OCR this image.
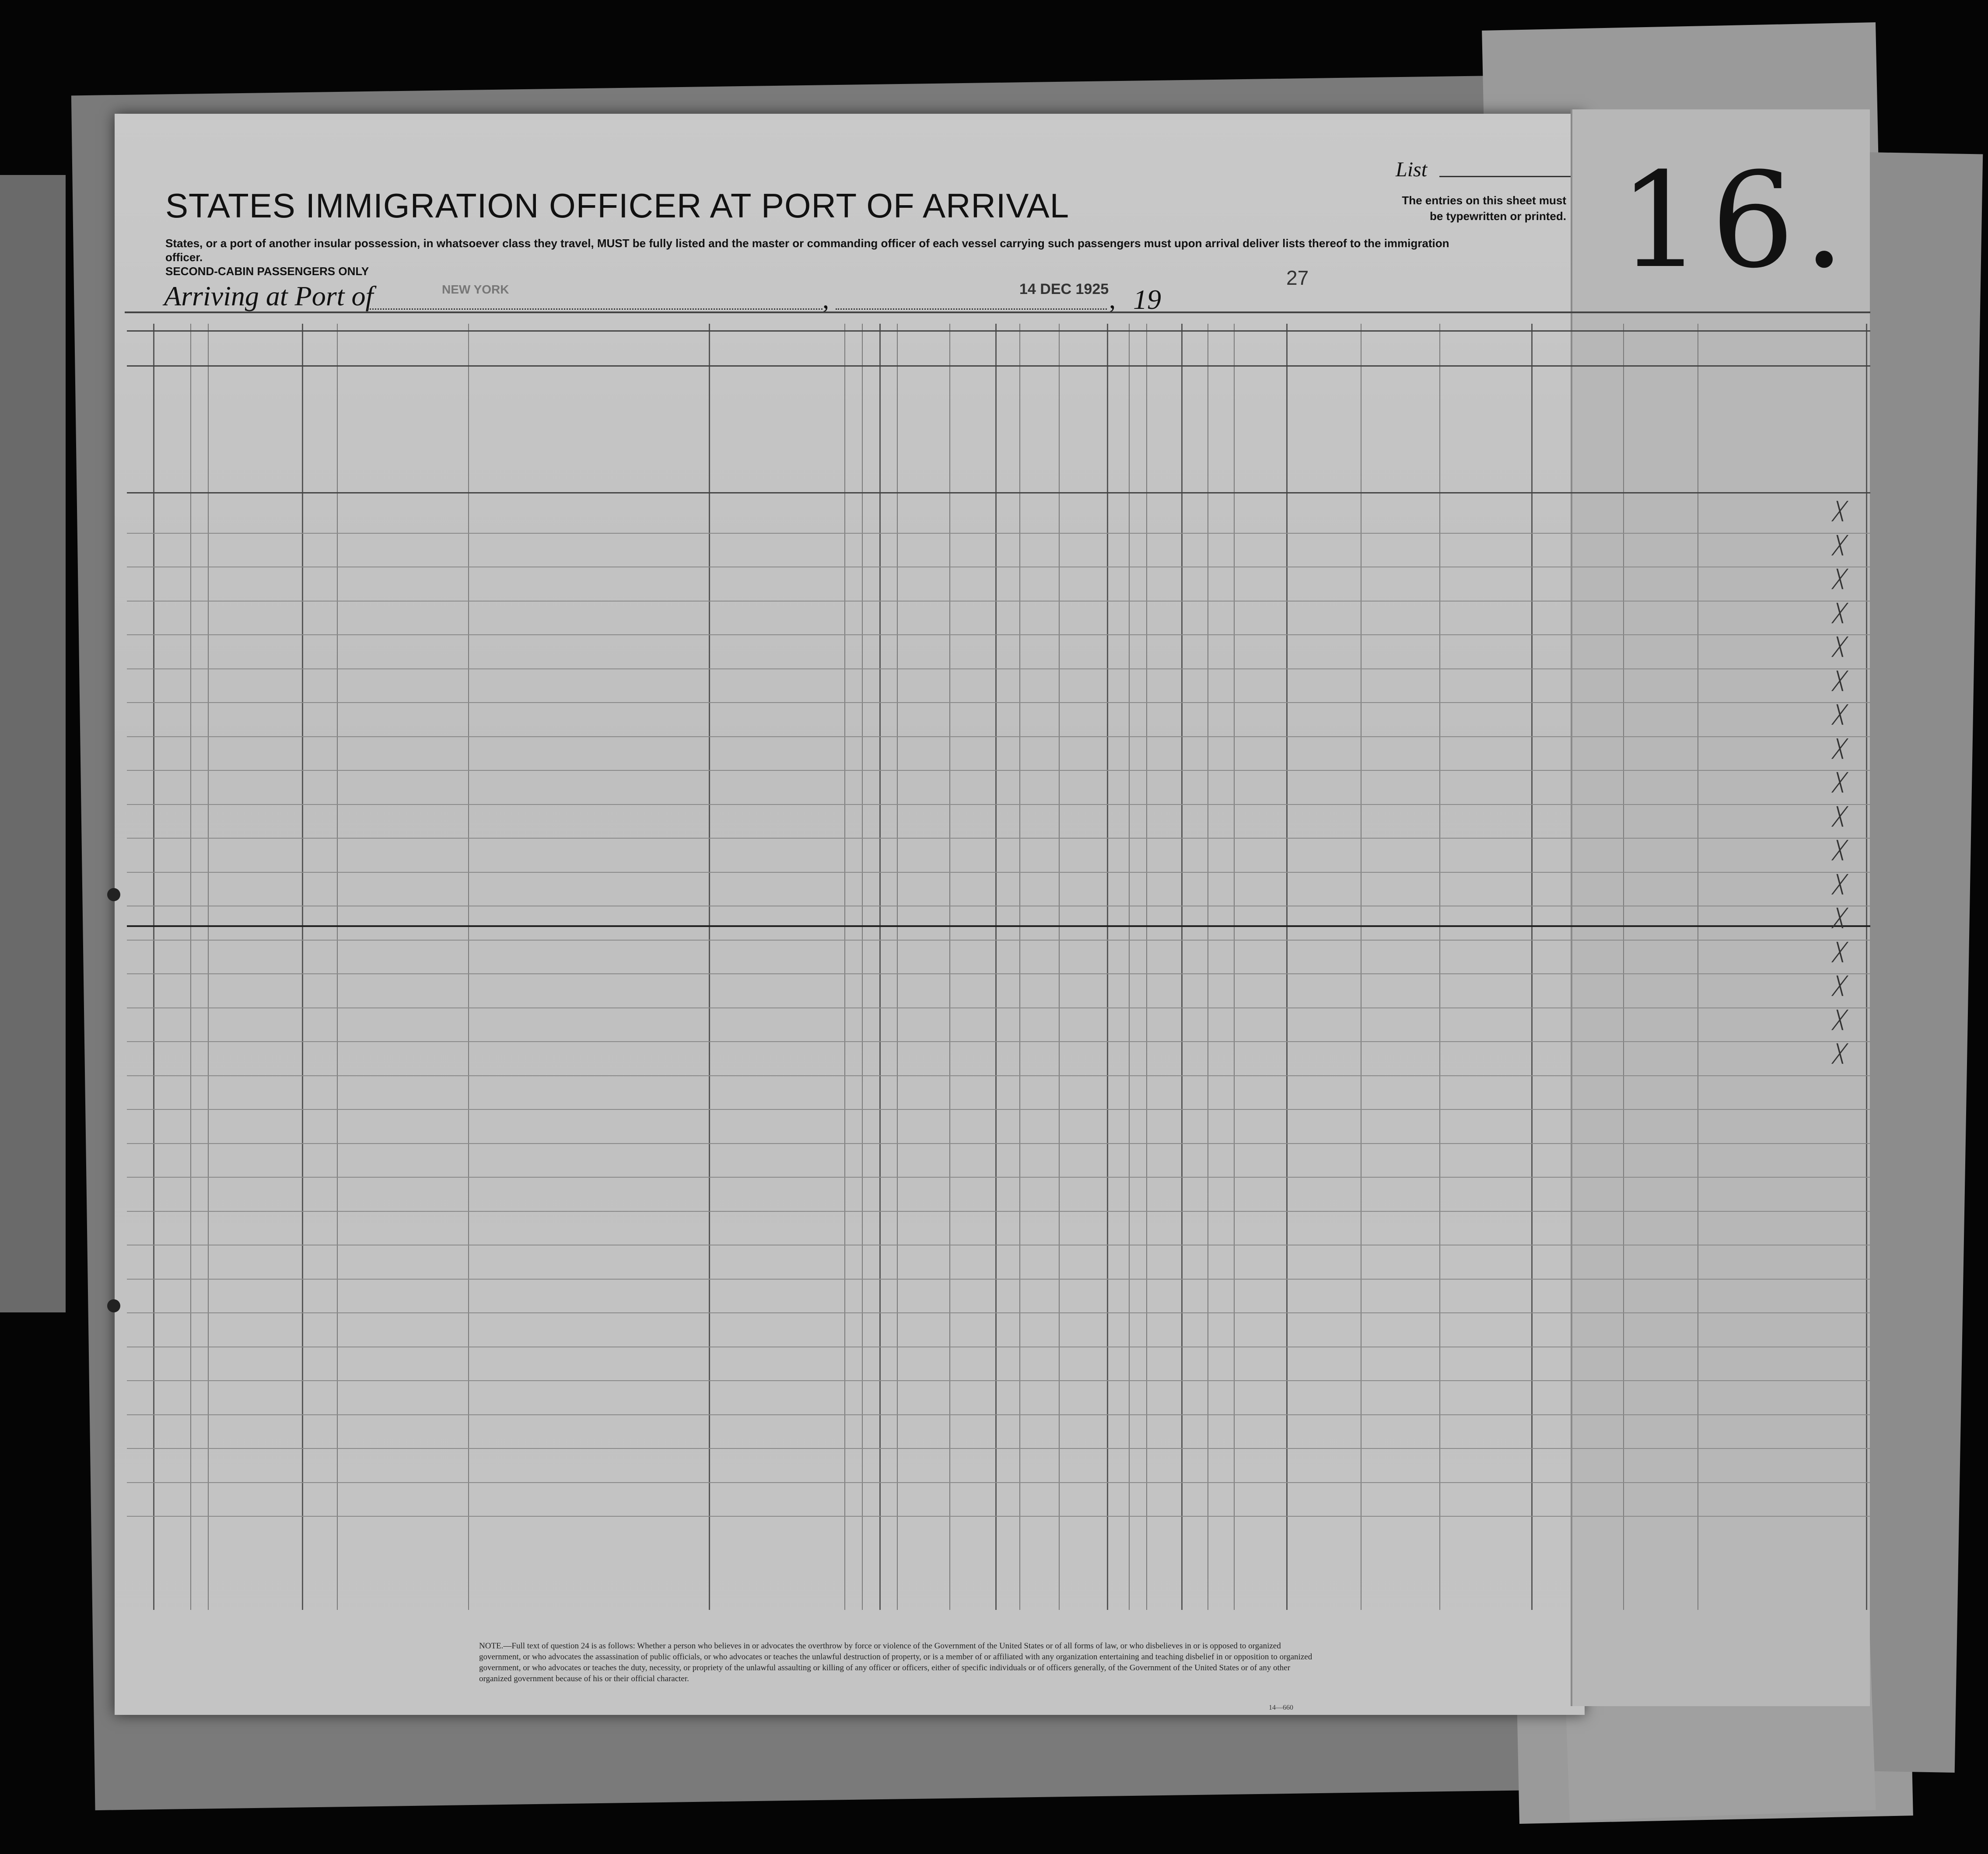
STATES IMMIGRATION OFFICER AT PORT OF ARRIVAL
List
The entries on this sheet must
be typewritten or printed. 16.
States, or a port of another insular possession, in whatsoever class they travel, MUST be fully listed and the master or commanding officer of each vessel carrying such passengers must upon arrival deliver lists thereof to the immigration officer.
SECOND-CABIN PASSENGERS ONLY
Arriving at Port of	NEW YORK	,	14 DEC 1925 , 19
27
╳
╳
╳
╳
╳
╳
╳
╳
╳
╳
╳
╳
╳
╳
╳
╳
╳
NOTE.—Full text of question 24 is as follows: Whether a person who believes in or advocates the overthrow by force or violence of the Government of the United States or of all forms of law, or who disbelieves in or is opposed to organized government, or who advocates the assassination of public officials, or who advocates or teaches the unlawful destruction of property, or is a member of or affiliated with any organization entertaining and teaching disbelief in or opposition to organized government, or who advocates or teaches the duty, necessity, or propriety of the unlawful assaulting or killing of any officer or officers, either of specific individuals or of officers generally, of the Government of the United States or of any other organized government because of his or their official character.
14—660
